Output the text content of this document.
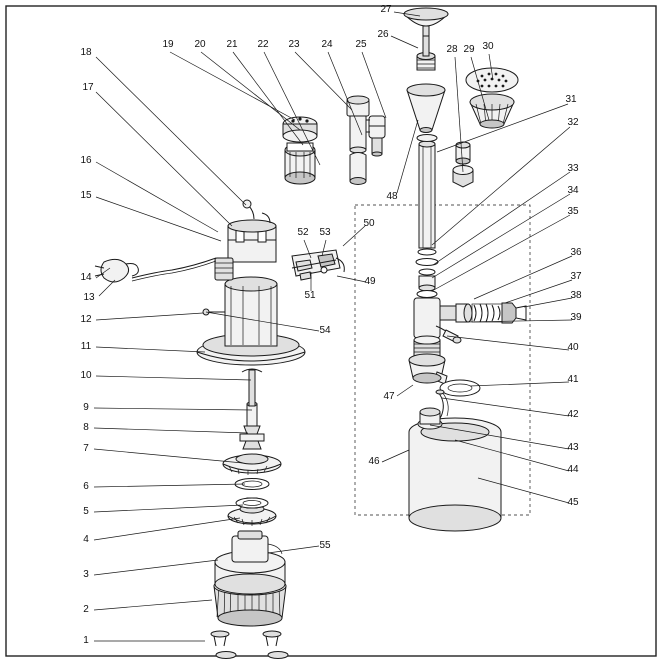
1
2
3
4
5
6
7
8
9
10
11
12
13
14
15
16
17
18
19 20 21 22 23 24 25
26
27
28 29 30
31
32
33
34
35
36
37
38
39
40
41
42
43
44
45
46
47
48
49
50
51
52 53
54
55
